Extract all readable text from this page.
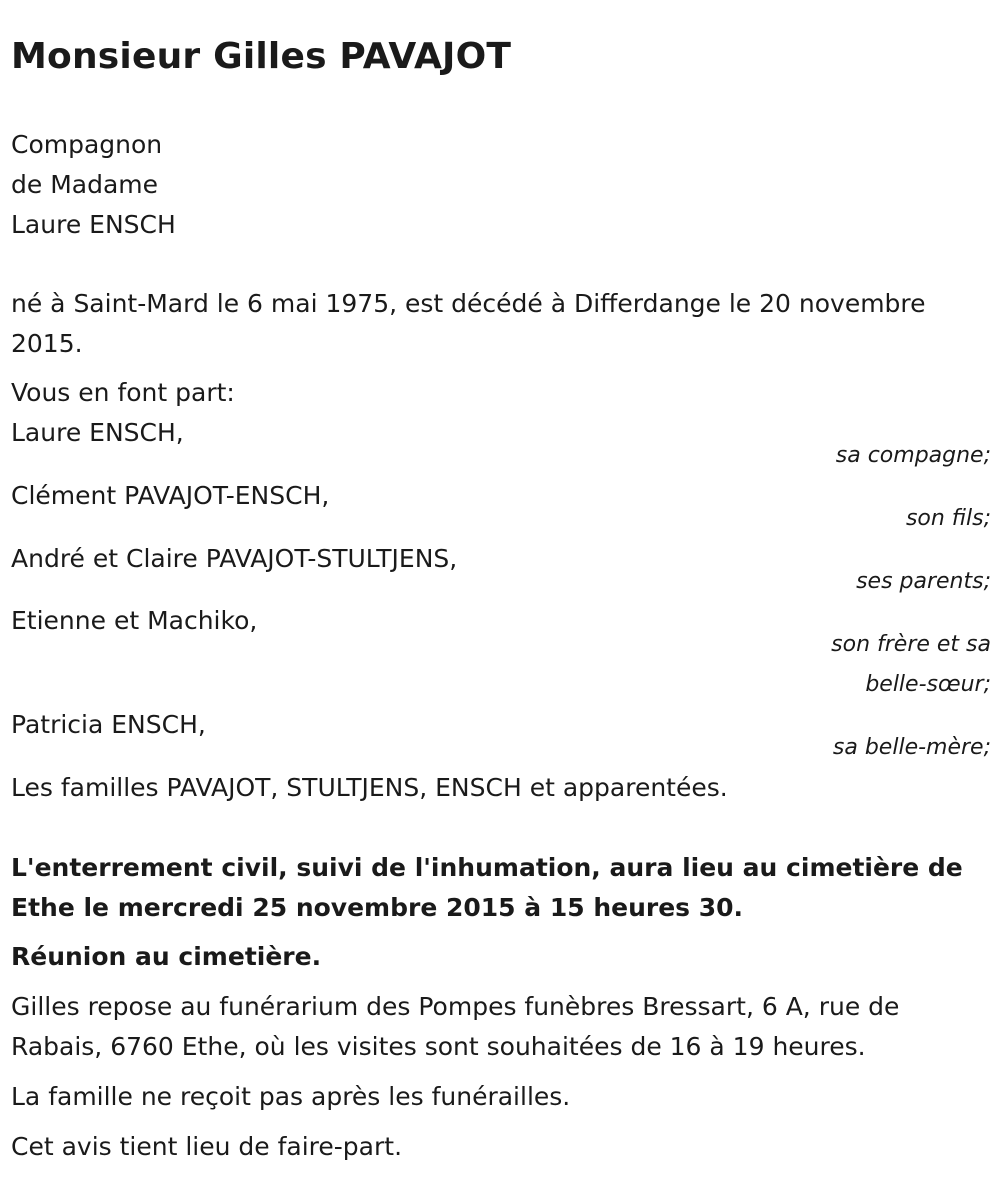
Monsieur Gilles PAVAJOT
Compagnon
de Madame
Laure ENSCH

né à Saint-Mard le 6 mai 1975, est décédé à Differdange le 20 novembre 2015.

Vous en font part:

Laure ENSCH,

sa compagne;

Clément PAVAJOT-ENSCH,

son fils;

André et Claire PAVAJOT-STULTJENS,

ses parents;

Etienne et Machiko,

son frère et sa

belle-sœur;

Patricia ENSCH,

sa belle-mère;

Les familles PAVAJOT, STULTJENS, ENSCH et apparentées.

L'enterrement civil, suivi de l'inhumation, aura lieu au cimetière de Ethe le mercredi 25 novembre 2015 à 15 heures 30.

Réunion au cimetière.

Gilles repose au funérarium des Pompes funèbres Bressart, 6 A, rue de Rabais, 6760 Ethe, où les visites sont souhaitées de 16 à 19 heures.

La famille ne reçoit pas après les funérailles.

Cet avis tient lieu de faire-part.
